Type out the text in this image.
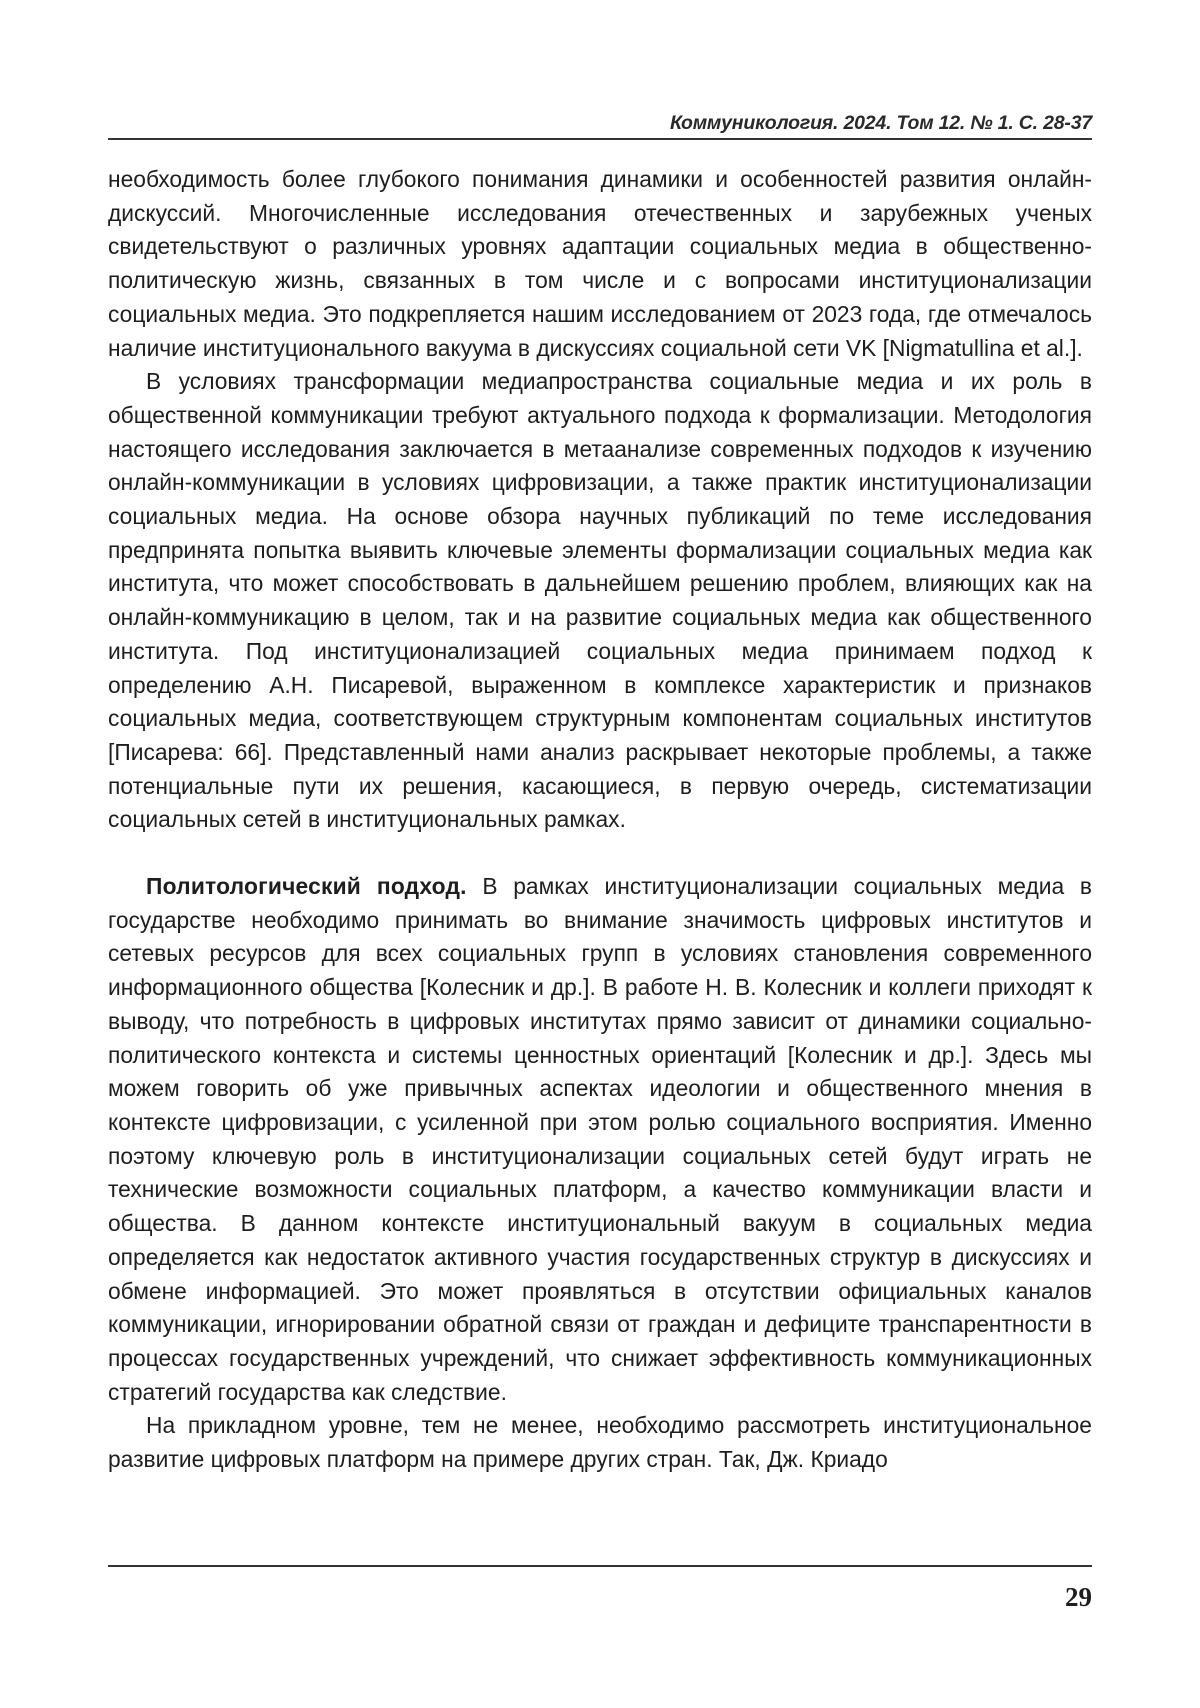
Коммуникология. 2024. Том 12. № 1. С. 28-37

необходимость более глубокого понимания динамики и особенностей развития онлайн-дискуссий. Многочисленные исследования отечественных и зарубежных ученых свидетельствуют о различных уровнях адаптации социальных медиа в общественно-политическую жизнь, связанных в том числе и с вопросами институционализации социальных медиа. Это подкрепляется нашим исследованием от 2023 года, где отмечалось наличие институционального вакуума в дискуссиях социальной сети VK [Nigmatullina et al.].

В условиях трансформации медиапространства социальные медиа и их роль в общественной коммуникации требуют актуального подхода к формализации. Методология настоящего исследования заключается в метаанализе современных подходов к изучению онлайн-коммуникации в условиях цифровизации, а также практик институционализации социальных медиа. На основе обзора научных публикаций по теме исследования предпринята попытка выявить ключевые элементы формализации социальных медиа как института, что может способствовать в дальнейшем решению проблем, влияющих как на онлайн-коммуникацию в целом, так и на развитие социальных медиа как общественного института. Под институционализацией социальных медиа принимаем подход к определению А.Н. Писаревой, выраженном в комплексе характеристик и признаков социальных медиа, соответствующем структурным компонентам социальных институтов [Писарева: 66]. Представленный нами анализ раскрывает некоторые проблемы, а также потенциальные пути их решения, касающиеся, в первую очередь, систематизации социальных сетей в институциональных рамках.

Политологический подход. В рамках институционализации социальных медиа в государстве необходимо принимать во внимание значимость цифровых институтов и сетевых ресурсов для всех социальных групп в условиях становления современного информационного общества [Колесник и др.]. В работе Н. В. Колесник и коллеги приходят к выводу, что потребность в цифровых институтах прямо зависит от динамики социально-политического контекста и системы ценностных ориентаций [Колесник и др.]. Здесь мы можем говорить об уже привычных аспектах идеологии и общественного мнения в контексте цифровизации, с усиленной при этом ролью социального восприятия. Именно поэтому ключевую роль в институционализации социальных сетей будут играть не технические возможности социальных платформ, а качество коммуникации власти и общества. В данном контексте институциональный вакуум в социальных медиа определяется как недостаток активного участия государственных структур в дискуссиях и обмене информацией. Это может проявляться в отсутствии официальных каналов коммуникации, игнорировании обратной связи от граждан и дефиците транспарентности в процессах государственных учреждений, что снижает эффективность коммуникационных стратегий государства как следствие.

На прикладном уровне, тем не менее, необходимо рассмотреть институциональное развитие цифровых платформ на примере других стран. Так, Дж. Криадо

29
